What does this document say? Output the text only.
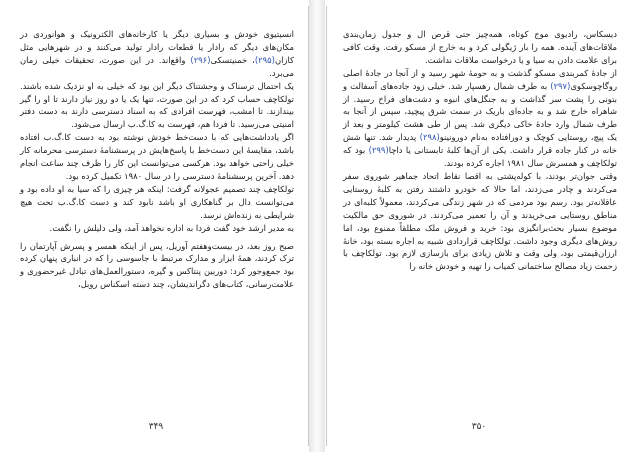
انسیتیوی خودش و بسیاری دیگر یا کارخانه‌های الکترونیک و هوانوردی در مکان‌های دیگر که رادار یا قطعات رادار تولید می‌کنند و در شهرهایی مثل کازان(۲۹۵)، خمنیتسکی(۲۹۶) واقع‌اند. در این صورت، تحقیقات خیلی زمان می‌برد.

یک احتمال ترسناک و وحشتناک دیگر این بود که خیلی به او نزدیک شده باشند. تولکاچف حساب کرد که در این صورت، تنها یک یا دو روز نیاز دارند تا او را گیر بیندازند. تا امشب، فهرست افرادی که به اسناد دسترسی دارند به دست دفتر امنیتی می‌رسید. تا فردا هم، فهرست به کا.گ.ب ارسال می‌شود.

اگر یادداشت‌هایی که با دست‌خط خودش نوشته بود به دست کا.گ.ب افتاده باشد، مقایسهٔ این دست‌خط با پاسخ‌هایش در پرسشنامهٔ دسترسی محرمانه کار خیلی راحتی خواهد بود. هرکسی می‌توانست این کار را ظرف چند ساعت انجام دهد. آخرین پرسشنامهٔ دسترسی را در سال ۱۹۸۰ تکمیل کرده بود.

تولکاچف چند تصمیم عجولانه گرفت: اینکه هر چیزی را که سیا به او داده بود و می‌توانست دال بر گناهکاری او باشد نابود کند و دست کا.گ.ب تحت هیچ شرایطی به زنده‌اش نرسد.

به مدیر ارشد خود گفت فردا به اداره نخواهد آمد، ولی دلیلش را نگفت.

صبح روز بعد، در بیست‌وهفتم آوریل، پس از اینکه همسر و پسرش آپارتمان را ترک کردند، همهٔ ابزار و مدارک مرتبط با جاسوسی را که در انباری پنهان کرده بود جمع‌وجور کرد: دوربین پنتاکس و گیره، دستورالعمل‌های تبادل غیرحضوری و علامت‌رسانی، کتاب‌های دگراندیشان، چند دسته اسکناس روبل،

۳۴۹

دیسکاس، رادیوی موج کوتاه، همه‌چیز حتی قرص ال و جدول زمان‌بندی ملاقات‌های آینده. همه را بار ژیگولی کرد و به خارج از مسکو رفت. وقت کافی برای علامت دادن به سیا و یا درخواست ملاقات نداشت.

از جادهٔ کمربندی مسکو گذشت و به حومهٔ شهر رسید و از آنجا در جادهٔ اصلی روگاچوسکوی(۲۹۷) به طرف شمال رهسپار شد. خیلی زود جاده‌های آسفالت و بتونی را پشت سر گذاشت و به جنگل‌های انبوه و دشت‌های فراخ رسید. از شاهراه خارج شد و به جاده‌ای باریک در سمت شرق پیچید، سپس از آنجا به طرف شمال وارد جادهٔ خاکی دیگری شد. پس از طی هشت کیلومتر و بعد از یک پیچ، روستایی کوچک و دورافتاده به‌نام دورونینو(۲۹۸) پدیدار شد. تنها شش خانه در کنار جاده قرار داشت. یکی از آن‌ها کلبهٔ تابستانی یا داچا(۲۹۹) بود که تولکاچف و همسرش سال ۱۹۸۱ اجاره کرده بودند.

وقتی جوان‌تر بودند، با کولەپشتی به اقصا نقاط اتحاد جماهیر شوروی سفر می‌کردند و چادر می‌زدند، اما حالا که خودرو داشتند رفتن به کلبهٔ روستایی عاقلانه‌تر بود. رسم بود مردمی که در شهر زندگی می‌کردند، معمولاً کلبه‌ای در مناطق روستایی می‌خریدند و آن را تعمیر می‌کردند. در شوروی حق مالکیت موضوع بسیار بحث‌برانگیزی بود: خرید و فروش ملک مطلقاً ممنوع بود، اما روش‌های دیگری وجود داشت. تولکاچف قراردادی شبیه به اجاره بسته بود، خانهٔ ارزان‌قیمتی بود، ولی وقت و تلاش زیادی برای بازسازی لازم بود. تولکاچف با زحمت زیاد مصالح ساختمانی کمیاب را تهیه و خودش خانه را

۳۵۰
